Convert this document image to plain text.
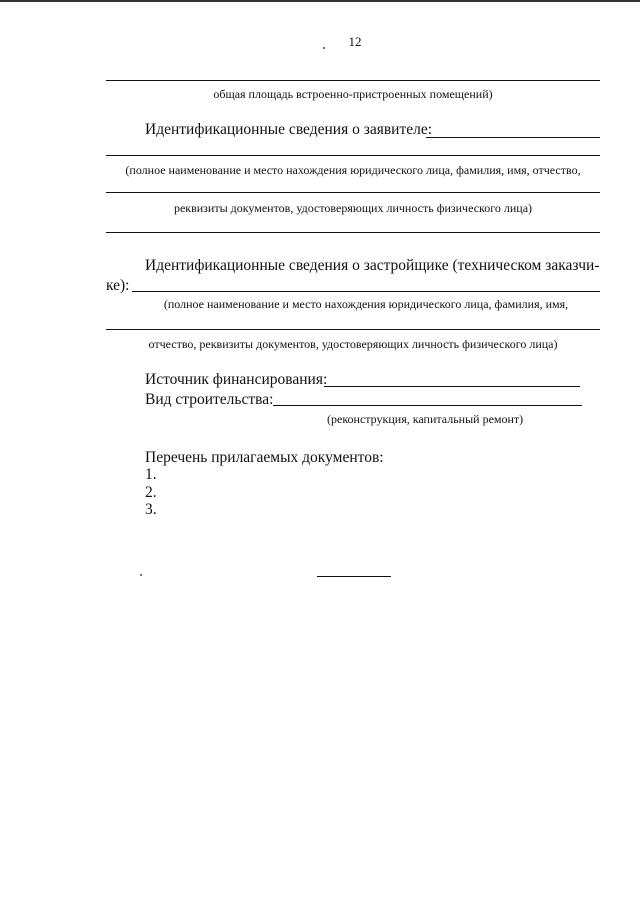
12
общая площадь встроенно-пристроенных помещений)
Идентификационные сведения о заявителе:
(полное наименование и место нахождения юридического лица, фамилия, имя, отчество,
реквизиты документов, удостоверяющих личность физического лица)
Идентификационные сведения о застройщике (техническом заказчи-
ке):
(полное наименование и место нахождения юридического лица, фамилия, имя,
отчество, реквизиты документов, удостоверяющих личность физического лица)
Источник финансирования:
Вид строительства:
(реконструкция, капитальный ремонт)
Перечень прилагаемых документов:
1.
2.
3.
